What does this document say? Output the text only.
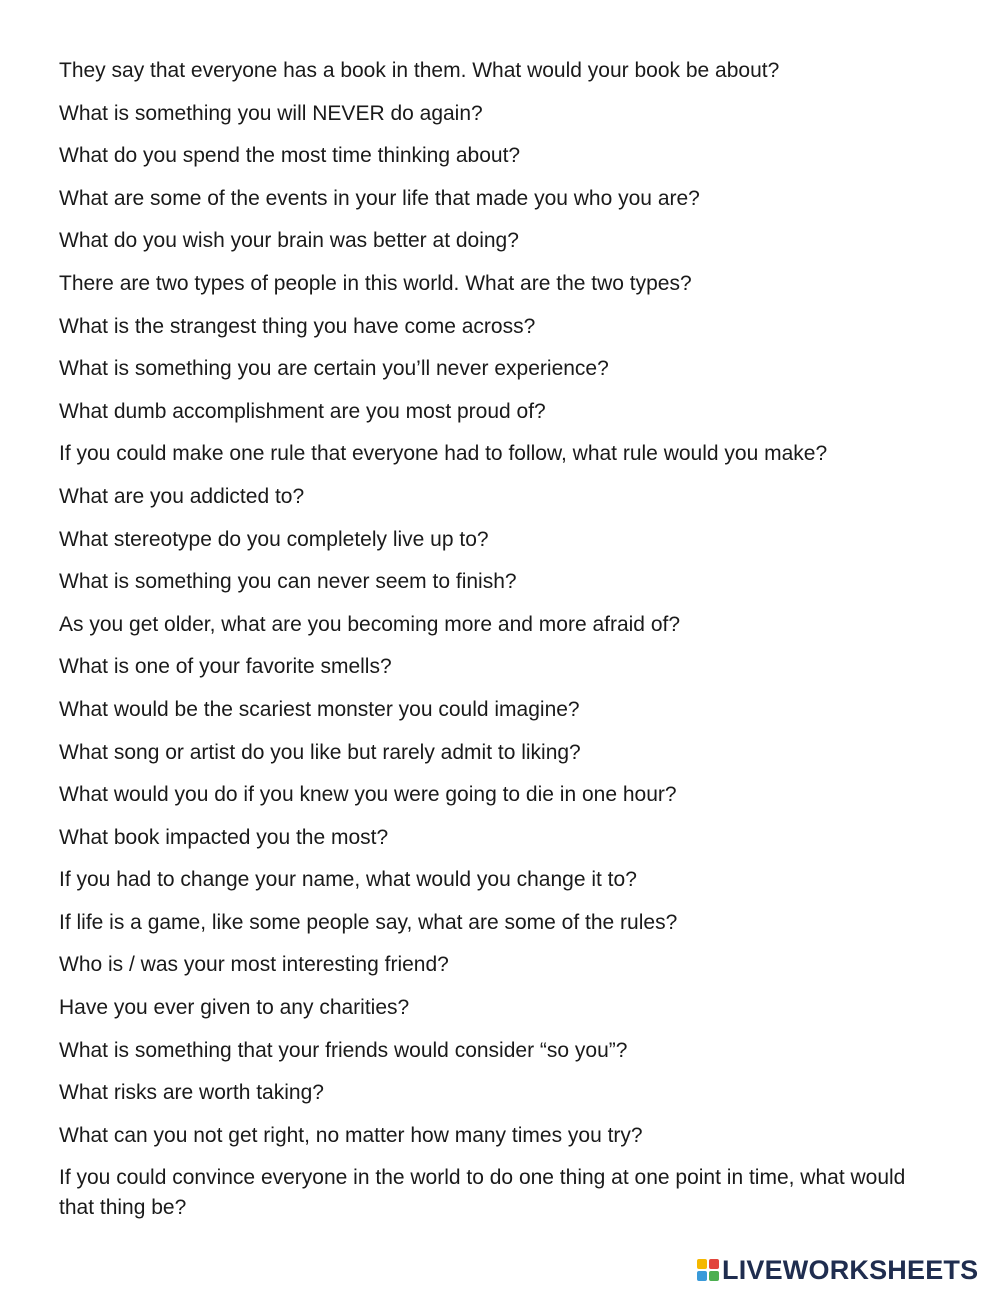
They say that everyone has a book in them. What would your book be about?
What is something you will NEVER do again?
What do you spend the most time thinking about?
What are some of the events in your life that made you who you are?
What do you wish your brain was better at doing?
There are two types of people in this world. What are the two types?
What is the strangest thing you have come across?
What is something you are certain you’ll never experience?
What dumb accomplishment are you most proud of?
If you could make one rule that everyone had to follow, what rule would you make?
What are you addicted to?
What stereotype do you completely live up to?
What is something you can never seem to finish?
As you get older, what are you becoming more and more afraid of?
What is one of your favorite smells?
What would be the scariest monster you could imagine?
What song or artist do you like but rarely admit to liking?
What would you do if you knew you were going to die in one hour?
What book impacted you the most?
If you had to change your name, what would you change it to?
If life is a game, like some people say, what are some of the rules?
Who is / was your most interesting friend?
Have you ever given to any charities?
What is something that your friends would consider “so you”?
What risks are worth taking?
What can you not get right, no matter how many times you try?
If you could convince everyone in the world to do one thing at one point in time, what would that thing be?
LIVEWORKSHEETS
